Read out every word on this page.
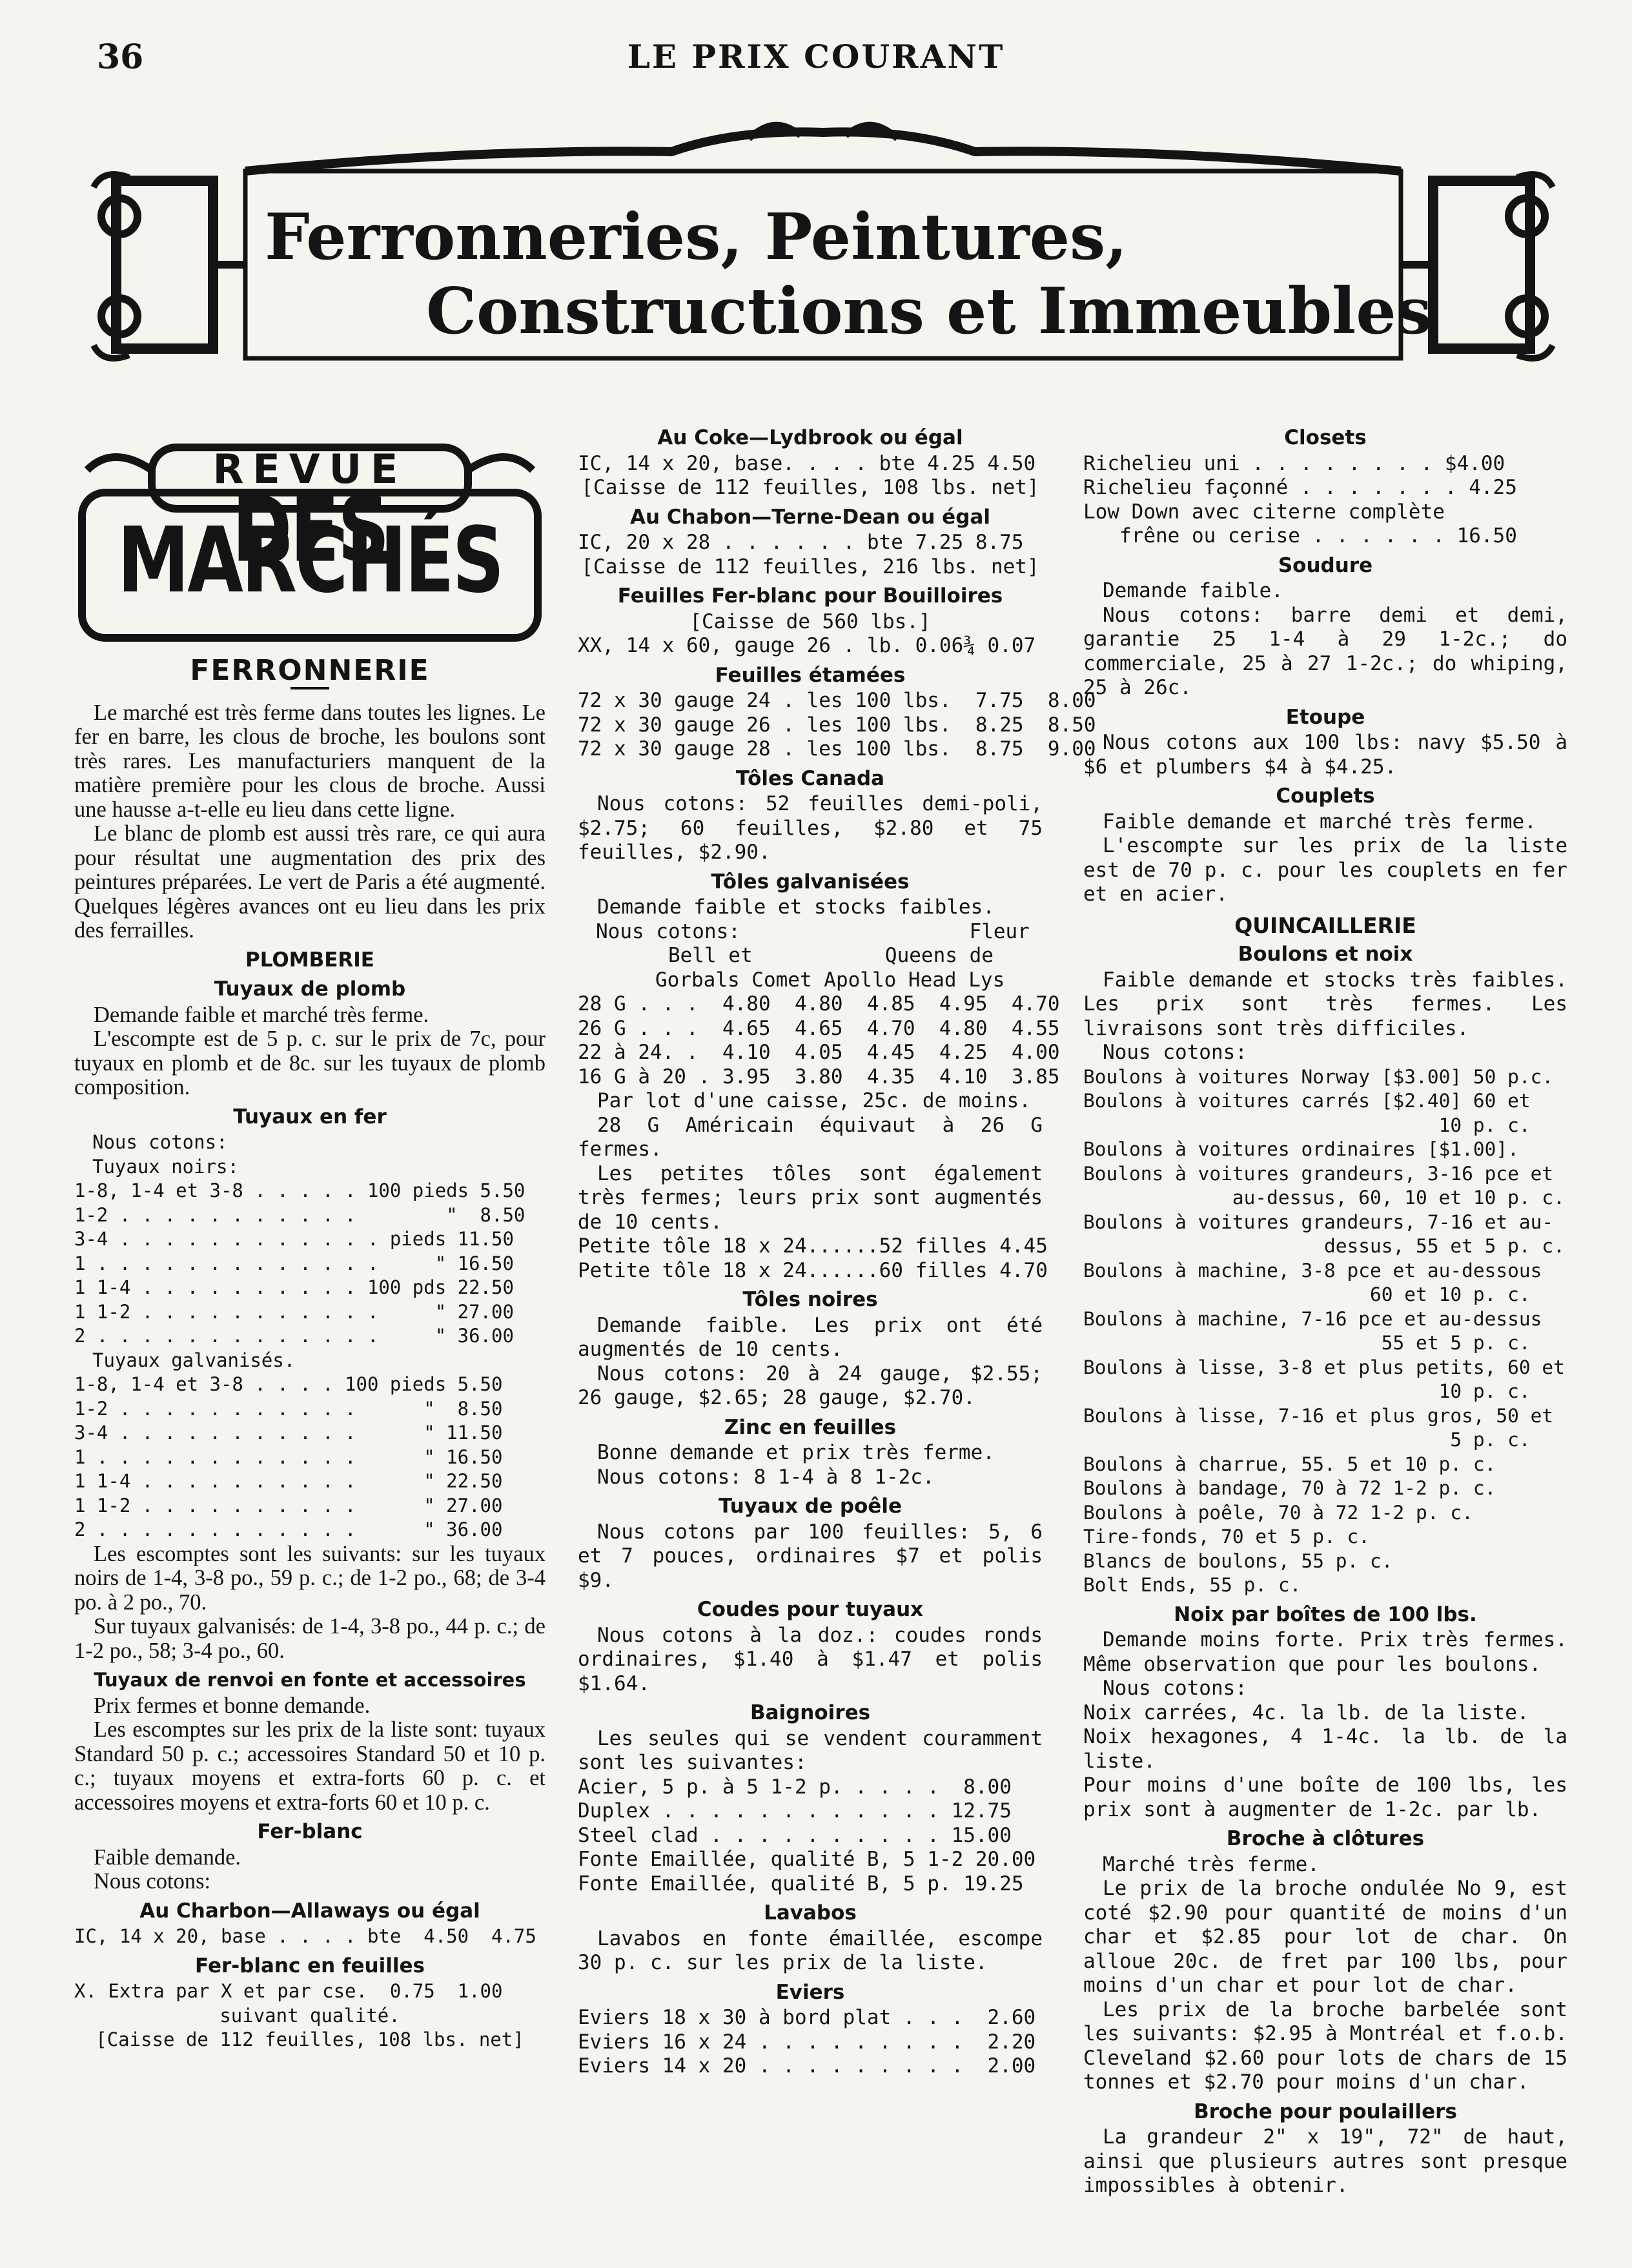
36	LE PRIX COURANT
Ferronneries, Peintures,
Constructions et Immeubles
REVUE
DES MARCHÉS
FERRONNERIE

Le marché est très ferme dans toutes les lignes. Le fer en barre, les clous de broche, les boulons sont très rares. Les manufacturiers manquent de la matière première pour les clous de broche. Aussi une hausse a-t-elle eu lieu dans cette ligne.

Le blanc de plomb est aussi très rare, ce qui aura pour résultat une augmentation des prix des peintures préparées. Le vert de Paris a été augmenté. Quelques légères avances ont eu lieu dans les prix des ferrailles.

PLOMBERIE
Tuyaux de plomb

Demande faible et marché très ferme.

L'escompte est de 5 p. c. sur le prix de 7c, pour tuyaux en plomb et de 8c. sur les tuyaux de plomb composition.

Tuyaux en fer
Nous cotons:
Tuyaux noirs:
1-8, 1-4 et 3-8 . . . . . 100 pieds 5.50
1-2 . . . . . . . . . . .        "  8.50
3-4 . . . . . . . . . . . . pieds 11.50
1 . . . . . . . . . . . . .     " 16.50
1 1-4 . . . . . . . . . . 100 pds 22.50
1 1-2 . . . . . . . . . . .     " 27.00
2 . . . . . . . . . . . . .     " 36.00
Tuyaux galvanisés.
1-8, 1-4 et 3-8 . . . . 100 pieds 5.50
1-2 . . . . . . . . . . .      "  8.50
3-4 . . . . . . . . . . .      " 11.50
1 . . . . . . . . . . . .      " 16.50
1 1-4 . . . . . . . . . .      " 22.50
1 1-2 . . . . . . . . . .      " 27.00
2 . . . . . . . . . . . .      " 36.00

Les escomptes sont les suivants: sur les tuyaux noirs de 1-4, 3-8 po., 59 p. c.; de 1-2 po., 68; de 3-4 po. à 2 po., 70.

Sur tuyaux galvanisés: de 1-4, 3-8 po., 44 p. c.; de 1-2 po., 58; 3-4 po., 60.

Tuyaux de renvoi en fonte et accessoires

Prix fermes et bonne demande.

Les escomptes sur les prix de la liste sont: tuyaux Standard 50 p. c.; accessoires Standard 50 et 10 p. c.; tuyaux moyens et extra-forts 60 p. c. et accessoires moyens et extra-forts 60 et 10 p. c.

Fer-blanc

Faible demande.

Nous cotons:

Au Charbon—Allaways ou égal
IC, 14 x 20, base . . . . bte  4.50  4.75
Fer-blanc en feuilles
X. Extra par X et par cse.  0.75  1.00
suivant qualité.
[Caisse de 112 feuilles, 108 lbs. net]
Au Coke—Lydbrook ou égal
IC, 14 x 20, base. . . . bte 4.25 4.50
[Caisse de 112 feuilles, 108 lbs. net]
Au Chabon—Terne-Dean ou égal
IC, 20 x 28 . . . . . . bte 7.25 8.75
[Caisse de 112 feuilles, 216 lbs. net]
Feuilles Fer-blanc pour Bouilloires
[Caisse de 560 lbs.]
XX, 14 x 60, gauge 26 . lb. 0.06¾ 0.07
Feuilles étamées
72 x 30 gauge 24 . les 100 lbs.  7.75  8.00
72 x 30 gauge 26 . les 100 lbs.  8.25  8.50
72 x 30 gauge 28 . les 100 lbs.  8.75  9.00
Tôles Canada

Nous cotons: 52 feuilles demi-poli, $2.75; 60 feuilles, $2.80 et 75 feuilles, $2.90.

Tôles galvanisées

Demande faible et stocks faibles.

Nous cotons:                   Fleur
Bell et           Queens de
Gorbals Comet Apollo Head Lys
28 G . . .  4.80  4.80  4.85  4.95  4.70
26 G . . .  4.65  4.65  4.70  4.80  4.55
22 à 24. .  4.10  4.05  4.45  4.25  4.00
16 G à 20 . 3.95  3.80  4.35  4.10  3.85

Par lot d'une caisse, 25c. de moins.

28 G Américain équivaut à 26 G fermes.

Les petites tôles sont également très fermes; leurs prix sont augmentés de 10 cents.

Petite tôle 18 x 24......52 filles 4.45
Petite tôle 18 x 24......60 filles 4.70
Tôles noires

Demande faible. Les prix ont été augmentés de 10 cents.

Nous cotons: 20 à 24 gauge, $2.55; 26 gauge, $2.65; 28 gauge, $2.70.

Zinc en feuilles

Bonne demande et prix très ferme.

Nous cotons: 8 1-4 à 8 1-2c.

Tuyaux de poêle

Nous cotons par 100 feuilles: 5, 6 et 7 pouces, ordinaires $7 et polis $9.

Coudes pour tuyaux

Nous cotons à la doz.: coudes ronds ordinaires, $1.40 à $1.47 et polis $1.64.

Baignoires

Les seules qui se vendent couramment sont les suivantes:

Acier, 5 p. à 5 1-2 p. . . . .  8.00
Duplex . . . . . . . . . . . . 12.75
Steel clad . . . . . . . . . . 15.00
Fonte Emaillée, qualité B, 5 1-2 20.00
Fonte Emaillée, qualité B, 5 p. 19.25
Lavabos

Lavabos en fonte émaillée, escompe 30 p. c. sur les prix de la liste.

Eviers
Eviers 18 x 30 à bord plat . . .  2.60
Eviers 16 x 24 . . . . . . . . .  2.20
Eviers 14 x 20 . . . . . . . . .  2.00
Closets
Richelieu uni . . . . . . . . $4.00
Richelieu façonné . . . . . . . 4.25
Low Down avec citerne complète
frêne ou cerise . . . . . . 16.50
Soudure

Demande faible.

Nous cotons: barre demi et demi, garantie 25 1-4 à 29 1-2c.; do commerciale, 25 à 27 1-2c.; do whiping, 25 à 26c.

Etoupe

Nous cotons aux 100 lbs: navy $5.50 à $6 et plumbers $4 à $4.25.

Couplets

Faible demande et marché très ferme.

L'escompte sur les prix de la liste est de 70 p. c. pour les couplets en fer et en acier.

QUINCAILLERIE
Boulons et noix

Faible demande et stocks très faibles. Les prix sont très fermes. Les livraisons sont très difficiles.

Nous cotons:

Boulons à voitures Norway [$3.00] 50 p.c.
Boulons à voitures carrés [$2.40] 60 et
10 p. c.
Boulons à voitures ordinaires [$1.00].
Boulons à voitures grandeurs, 3-16 pce et
au-dessus, 60, 10 et 10 p. c.
Boulons à voitures grandeurs, 7-16 et au-
dessus, 55 et 5 p. c.
Boulons à machine, 3-8 pce et au-dessous
60 et 10 p. c.
Boulons à machine, 7-16 pce et au-dessus
55 et 5 p. c.
Boulons à lisse, 3-8 et plus petits, 60 et
10 p. c.
Boulons à lisse, 7-16 et plus gros, 50 et
5 p. c.
Boulons à charrue, 55. 5 et 10 p. c.
Boulons à bandage, 70 à 72 1-2 p. c.
Boulons à poêle, 70 à 72 1-2 p. c.
Tire-fonds, 70 et 5 p. c.
Blancs de boulons, 55 p. c.
Bolt Ends, 55 p. c.
Noix par boîtes de 100 lbs.

Demande moins forte. Prix très fermes. Même observation que pour les boulons.

Nous cotons:

Noix carrées, 4c. la lb. de la liste.

Noix hexagones, 4 1-4c. la lb. de la liste.

Pour moins d'une boîte de 100 lbs, les prix sont à augmenter de 1-2c. par lb.

Broche à clôtures

Marché très ferme.

Le prix de la broche ondulée No 9, est coté $2.90 pour quantité de moins d'un char et $2.85 pour lot de char. On alloue 20c. de fret par 100 lbs, pour moins d'un char et pour lot de char.

Les prix de la broche barbelée sont les suivants: $2.95 à Montréal et f.o.b. Cleveland $2.60 pour lots de chars de 15 tonnes et $2.70 pour moins d'un char.

Broche pour poulaillers

La grandeur 2" x 19", 72" de haut, ainsi que plusieurs autres sont presque impossibles à obtenir.
